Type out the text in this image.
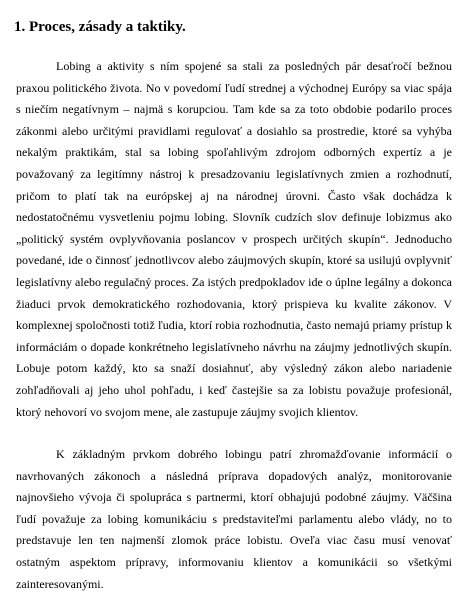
1. Proces, zásady a taktiky.

Lobing a aktivity s ním spojené sa stali za posledných pár desaťročí bežnou praxou politického života. No v povedomí ľudí strednej a východnej Európy sa viac spája s niečím negatívnym – najmä s korupciou. Tam kde sa za toto obdobie podarilo proces zákonmi alebo určitými pravidlami regulovať a dosiahlo sa prostredie, ktoré sa vyhýba nekalým praktikám, stal sa lobing spoľahlivým zdrojom odborných expertíz a je považovaný za legitímny nástroj k presadzovaniu legislatívnych zmien a rozhodnutí, pričom to platí tak na európskej aj na národnej úrovni. Často však dochádza k nedostatočnému vysvetleniu pojmu lobing. Slovník cudzích slov definuje lobizmus ako „politický systém ovplyvňovania poslancov v prospech určitých skupín“. Jednoducho povedané, ide o činnosť jednotlivcov alebo záujmových skupín, ktoré sa usilujú ovplyvniť legislatívny alebo regulačný proces. Za istých predpokladov ide o úplne legálny a dokonca žiaduci prvok demokratického rozhodovania, ktorý prispieva ku kvalite zákonov. V komplexnej spoločnosti totiž ľudia, ktorí robia rozhodnutia, často nemajú priamy prístup k informáciám o dopade konkrétneho legislatívneho návrhu na záujmy jednotlivých skupín. Lobuje potom každý, kto sa snaží dosiahnuť, aby výsledný zákon alebo nariadenie zohľadňovali aj jeho uhol pohľadu, i keď častejšie sa za lobistu považuje profesionál, ktorý nehovorí vo svojom mene, ale zastupuje záujmy svojich klientov.

K základným prvkom dobrého lobingu patrí zhromažďovanie informácií o navrhovaných zákonoch a následná príprava dopadových analýz, monitorovanie najnovšieho vývoja či spolupráca s partnermi, ktorí obhajujú podobné záujmy. Väčšina ľudí považuje za lobing komunikáciu s predstaviteľmi parlamentu alebo vlády, no to predstavuje len ten najmenší zlomok práce lobistu. Oveľa viac času musí venovať ostatným aspektom prípravy, informovaniu klientov a komunikácii so všetkými zainteresovanými.
